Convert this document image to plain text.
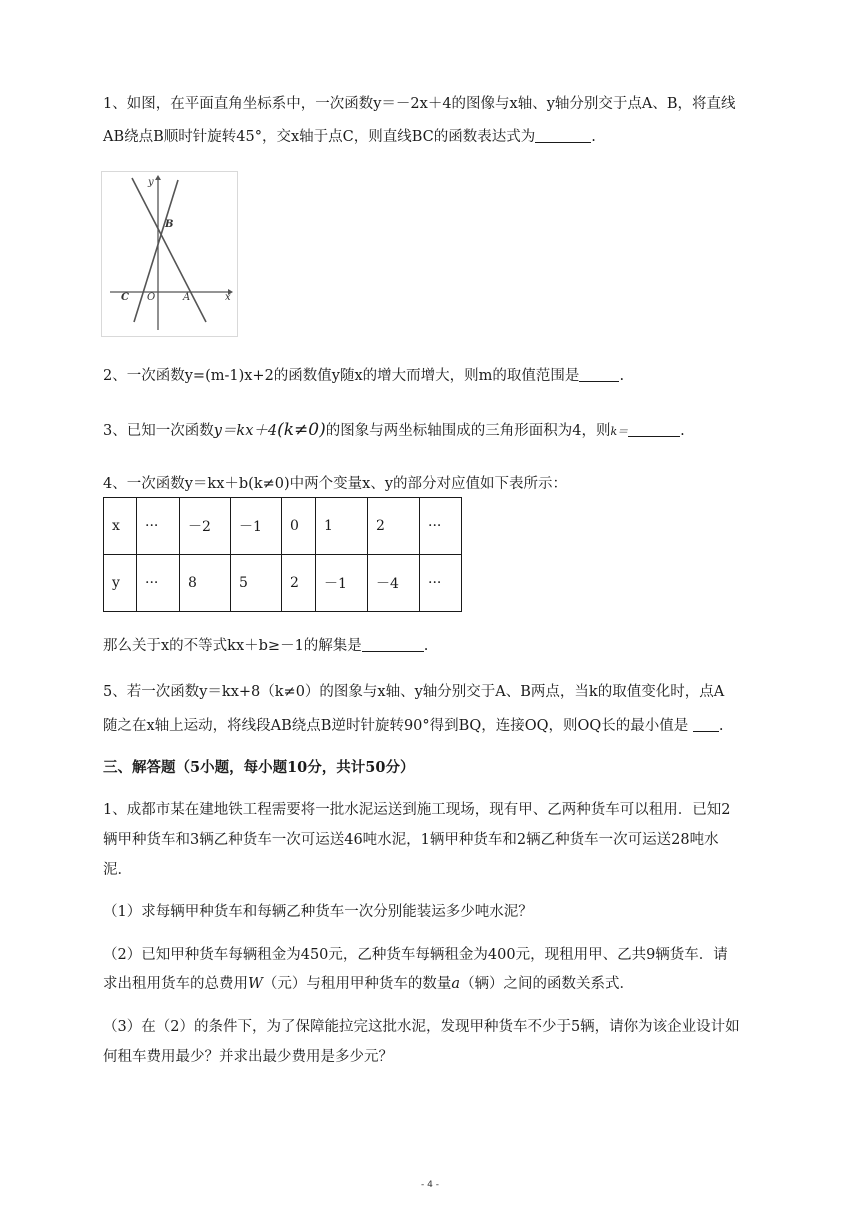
1、如图，在平面直角坐标系中，一次函数y＝－2x＋4的图像与x轴、y轴分别交于点A、B，将直线

AB绕点B顺时针旋转45°，交x轴于点C，则直线BC的函数表达式为	.

y
x
B
C O	A

2、一次函数y=(m-1)x+2的函数值y随x的增大而增大，则m的取值范围是	.

3、已知一次函数y＝kx＋4(k≠0)的图象与两坐标轴围成的三角形面积为4，则k＝	.

4、一次函数y＝kx＋b(k≠0)中两个变量x、y的部分对应值如下表所示：

x	···	－2	－1	0	1	2	···
y	···	8	5	2	－1	－4	···

那么关于x的不等式kx＋b≥－1的解集是	.

5、若一次函数y＝kx+8（k≠0）的图象与x轴、y轴分别交于A、B两点，当k的取值变化时，点A

随之在x轴上运动，将线段AB绕点B逆时针旋转90°得到BQ，连接OQ，则OQ长的最小值是 .

三、解答题（5小题，每小题10分，共计50分）

1、成都市某在建地铁工程需要将一批水泥运送到施工现场，现有甲、乙两种货车可以租用．已知2

辆甲种货车和3辆乙种货车一次可运送46吨水泥，1辆甲种货车和2辆乙种货车一次可运送28吨水

泥．

（1）求每辆甲种货车和每辆乙种货车一次分别能装运多少吨水泥？

（2）已知甲种货车每辆租金为450元，乙种货车每辆租金为400元，现租用甲、乙共9辆货车．请

求出租用货车的总费用W（元）与租用甲种货车的数量a（辆）之间的函数关系式．

（3）在（2）的条件下，为了保障能拉完这批水泥，发现甲种货车不少于5辆，请你为该企业设计如

何租车费用最少？并求出最少费用是多少元？

- 4 -
